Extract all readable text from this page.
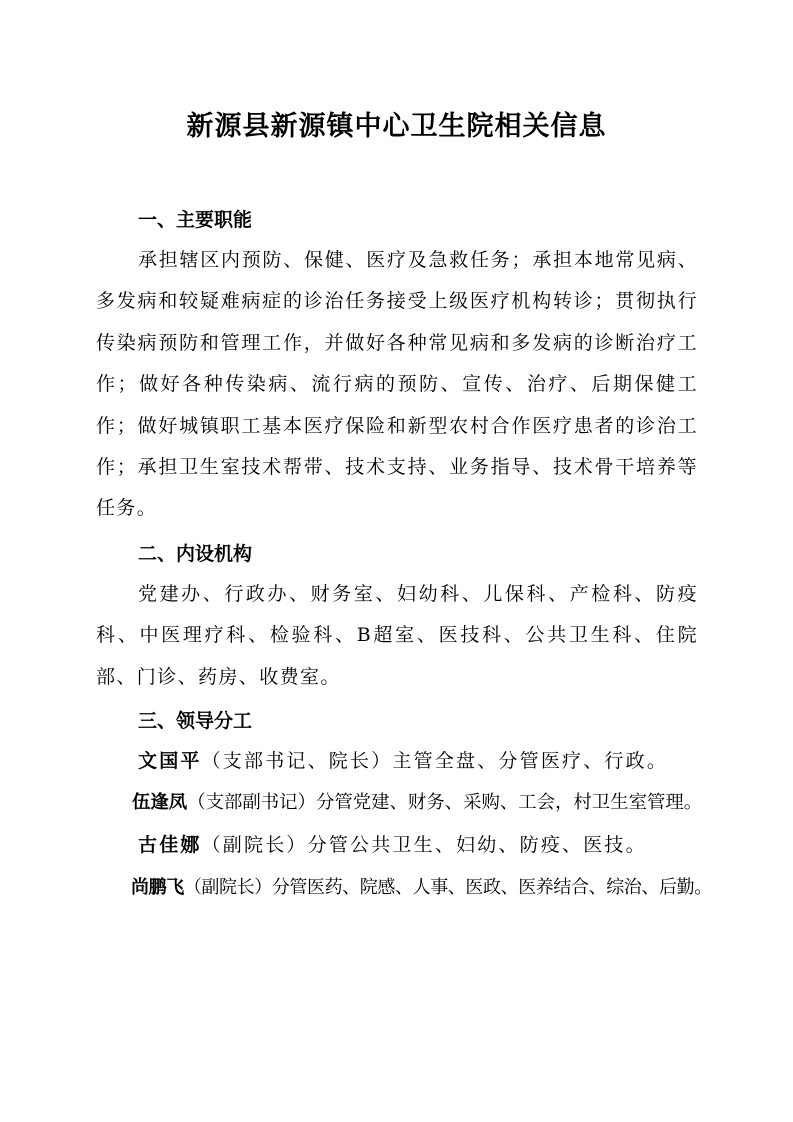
新源县新源镇中心卫生院相关信息
一、主要职能
承担辖区内预防、保健、医疗及急救任务；承担本地常见病、多发病和较疑难病症的诊治任务接受上级医疗机构转诊；贯彻执行传染病预防和管理工作，并做好各种常见病和多发病的诊断治疗工作；做好各种传染病、流行病的预防、宣传、治疗、后期保健工作；做好城镇职工基本医疗保险和新型农村合作医疗患者的诊治工作；承担卫生室技术帮带、技术支持、业务指导、技术骨干培养等任务。
二、内设机构
党建办、行政办、财务室、妇幼科、儿保科、产检科、防疫科、中医理疗科、检验科、B超室、医技科、公共卫生科、住院部、门诊、药房、收费室。
三、领导分工
文国平（支部书记、院长）主管全盘、分管医疗、行政。
伍逢凤（支部副书记）分管党建、财务、采购、工会，村卫生室管理。
古佳娜（副院长）分管公共卫生、妇幼、防疫、医技。
尚鹏飞（副院长）分管医药、院感、人事、医政、医养结合、综治、后勤。
